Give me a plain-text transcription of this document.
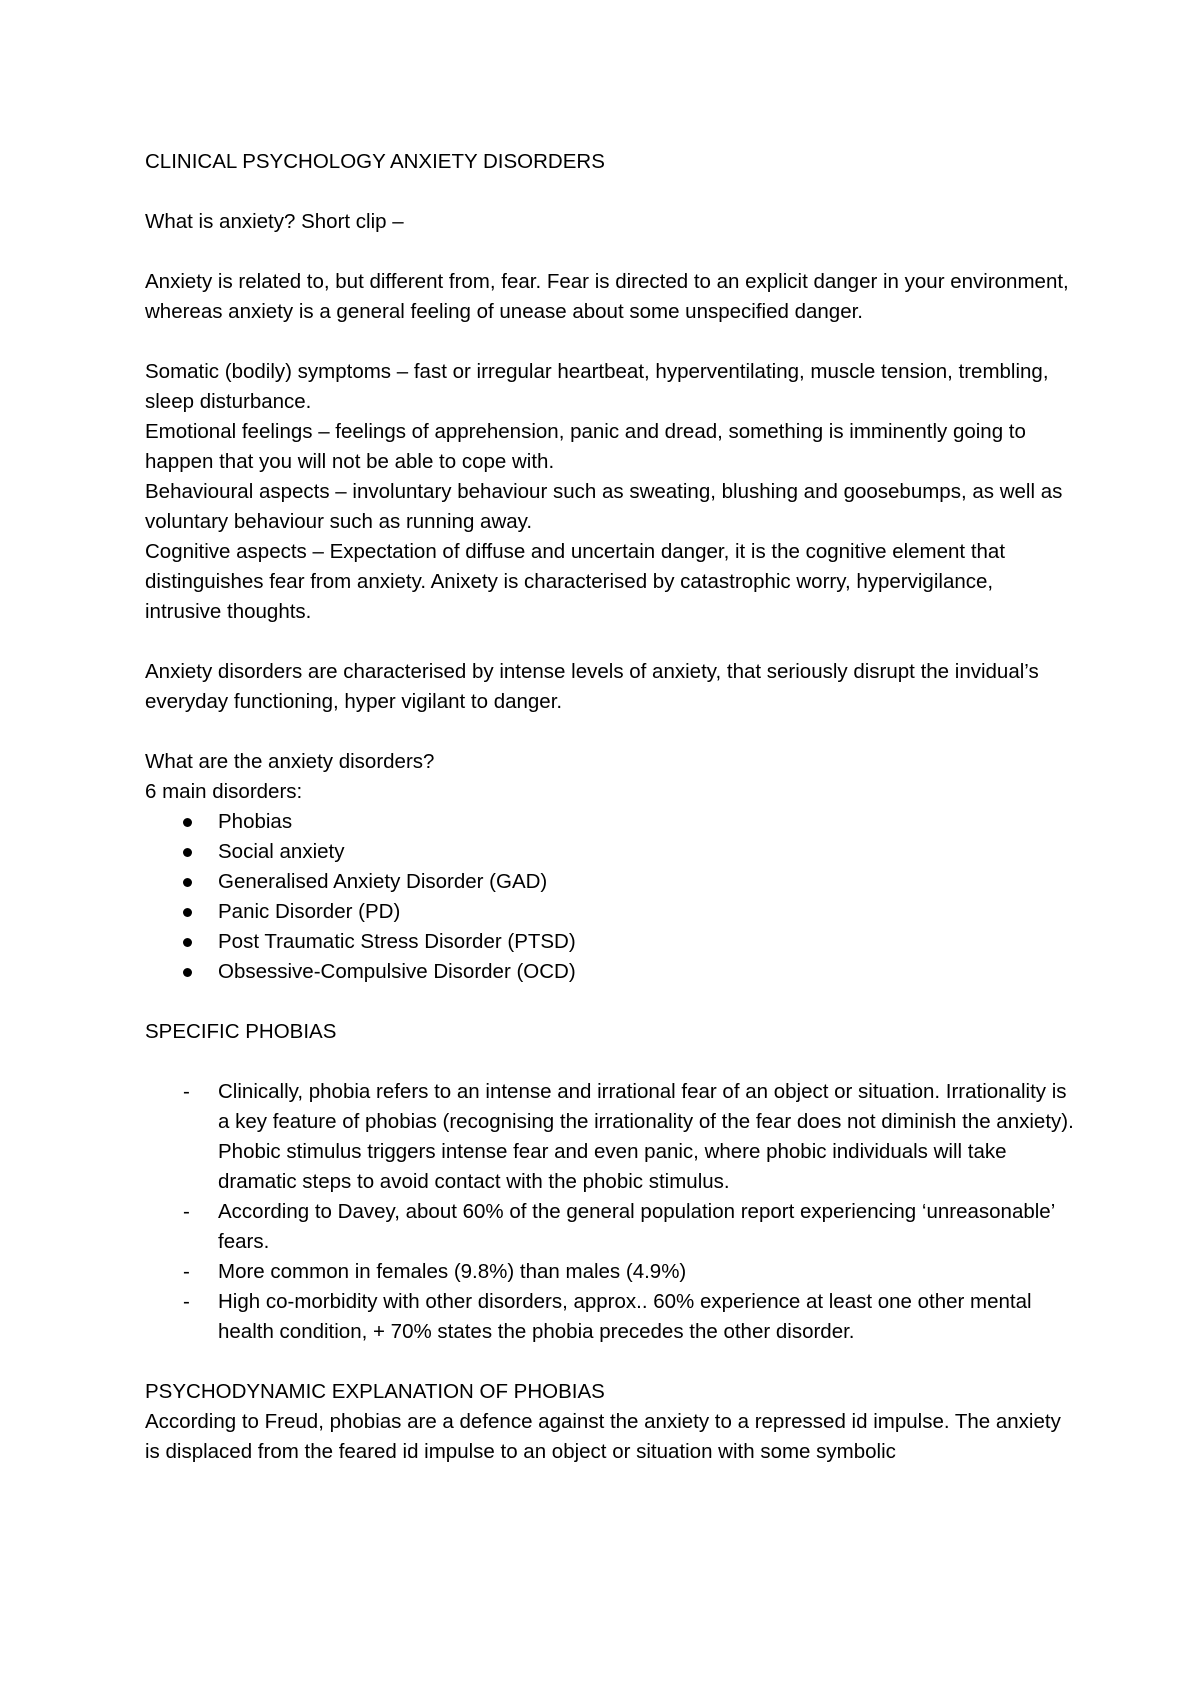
CLINICAL PSYCHOLOGY ANXIETY DISORDERS

What is anxiety? Short clip –

Anxiety is related to, but different from, fear. Fear is directed to an explicit danger in your environment, whereas anxiety is a general feeling of unease about some unspecified danger.

Somatic (bodily) symptoms – fast or irregular heartbeat, hyperventilating, muscle tension, trembling, sleep disturbance.

Emotional feelings – feelings of apprehension, panic and dread, something is imminently going to happen that you will not be able to cope with.

Behavioural aspects – involuntary behaviour such as sweating, blushing and goosebumps, as well as voluntary behaviour such as running away.

Cognitive aspects – Expectation of diffuse and uncertain danger, it is the cognitive element that distinguishes fear from anxiety. Anixety is characterised by catastrophic worry, hypervigilance, intrusive thoughts.

Anxiety disorders are characterised by intense levels of anxiety, that seriously disrupt the invidual’s everyday functioning, hyper vigilant to danger.

What are the anxiety disorders?

6 main disorders:

Phobias
Social anxiety
Generalised Anxiety Disorder (GAD)
Panic Disorder (PD)
Post Traumatic Stress Disorder (PTSD)
Obsessive-Compulsive Disorder (OCD)

SPECIFIC PHOBIAS

- Clinically, phobia refers to an intense and irrational fear of an object or situation. Irrationality is a key feature of phobias (recognising the irrationality of the fear does not diminish the anxiety). Phobic stimulus triggers intense fear and even panic, where phobic individuals will take dramatic steps to avoid contact with the phobic stimulus.
- According to Davey, about 60% of the general population report experiencing ‘unreasonable’ fears.
- More common in females (9.8%) than males (4.9%)
- High co-morbidity with other disorders, approx.. 60% experience at least one other mental health condition, + 70% states the phobia precedes the other disorder.

PSYCHODYNAMIC EXPLANATION OF PHOBIAS

According to Freud, phobias are a defence against the anxiety to a repressed id impulse. The anxiety is displaced from the feared id impulse to an object or situation with some symbolic
